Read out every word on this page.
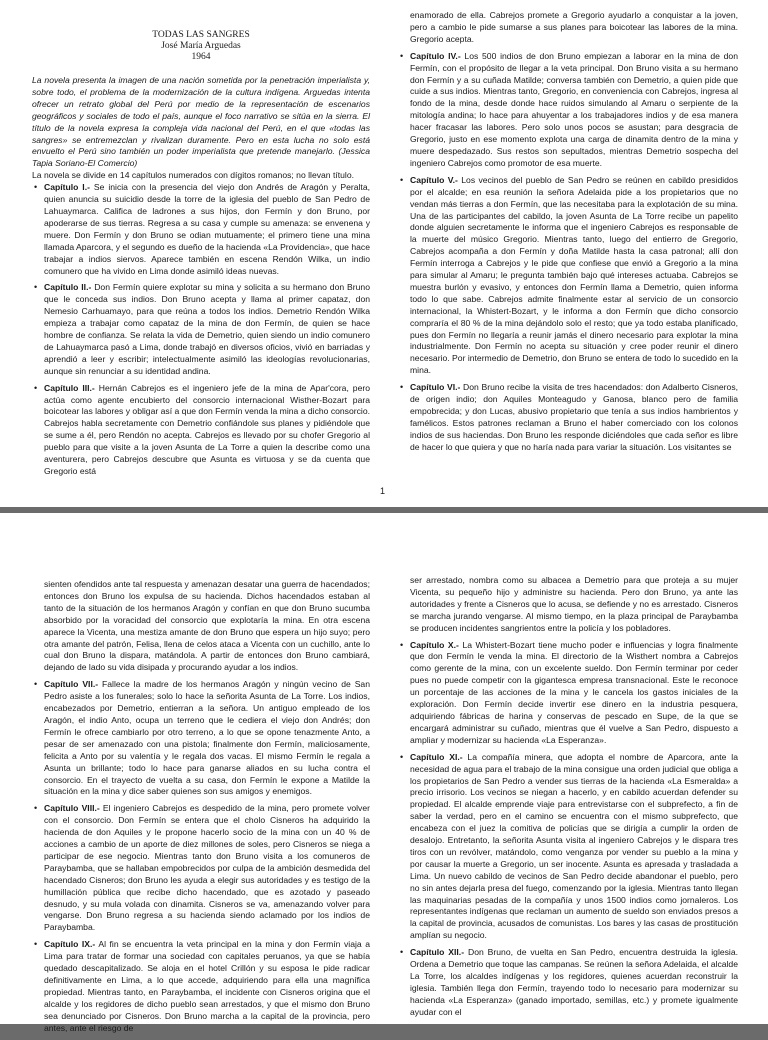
TODAS LAS SANGRES
José María Arguedas
1964

La novela presenta la imagen de una nación sometida por la penetración imperialista y, sobre todo, el problema de la modernización de la cultura indígena. Arguedas intenta ofrecer un retrato global del Perú por medio de la representación de escenarios geográficos y sociales de todo el país, aunque el foco narrativo se sitúa en la sierra. El título de la novela expresa la compleja vida nacional del Perú, en el que «todas las sangres» se entremezclan y rivalizan duramente. Pero en esta lucha no solo está envuelto el Perú sino también un poder imperialista que pretende manejarlo. (Jessica Tapia Soriano-El Comercio)

La novela se divide en 14 capítulos numerados con dígitos romanos; no llevan título.

• Capítulo I.- Se inicia con la presencia del viejo don Andrés de Aragón y Peralta, quien anuncia su suicidio desde la torre de la iglesia del pueblo de San Pedro de Lahuaymarca. Califica de ladrones a sus hijos, don Fermín y don Bruno, por apoderarse de sus tierras. Regresa a su casa y cumple su amenaza: se envenena y muere. Don Fermín y don Bruno se odian mutuamente; el primero tiene una mina llamada Aparcora, y el segundo es dueño de la hacienda «La Providencia», que hace trabajar a indios siervos. Aparece también en escena Rendón Wilka, un indio comunero que ha vivido en Lima donde asimiló ideas nuevas.
• Capítulo II.- Don Fermín quiere explotar su mina y solicita a su hermano don Bruno que le conceda sus indios. Don Bruno acepta y llama al primer capataz, don Nemesio Carhuamayo, para que reúna a todos los indios. Demetrio Rendón Wilka empieza a trabajar como capataz de la mina de don Fermín, de quien se hace hombre de confianza. Se relata la vida de Demetrio, quien siendo un indio comunero de Lahuaymarca pasó a Lima, donde trabajó en diversos oficios, vivió en barriadas y aprendió a leer y escribir; intelectualmente asimiló las ideologías revolucionarias, aunque sin renunciar a su identidad andina.
• Capítulo III.- Hernán Cabrejos es el ingeniero jefe de la mina de Apar'cora, pero actúa como agente encubierto del consorcio internacional Wisther-Bozart para boicotear las labores y obligar así a que don Fermín venda la mina a dicho consorcio. Cabrejos habla secretamente con Demetrio confiándole sus planes y pidiéndole que se sume a él, pero Rendón no acepta. Cabrejos es llevado por su chofer Gregorio al pueblo para que visite a la joven Asunta de La Torre a quien la describe como una aventurera, pero Cabrejos descubre que Asunta es virtuosa y se da cuenta que Gregorio está

enamorado de ella. Cabrejos promete a Gregorio ayudarlo a conquistar a la joven, pero a cambio le pide sumarse a sus planes para boicotear las labores de la mina. Gregorio acepta.

• Capítulo IV.- Los 500 indios de don Bruno empiezan a laborar en la mina de don Fermín, con el propósito de llegar a la veta principal. Don Bruno visita a su hermano don Fermín y a su cuñada Matilde; conversa también con Demetrio, a quien pide que cuide a sus indios. Mientras tanto, Gregorio, en conveniencia con Cabrejos, ingresa al fondo de la mina, desde donde hace ruidos simulando al Amaru o serpiente de la mitología andina; lo hace para ahuyentar a los trabajadores indios y de esa manera hacer fracasar las labores. Pero solo unos pocos se asustan; para desgracia de Gregorio, justo en ese momento explota una carga de dinamita dentro de la mina y muere despedazado. Sus restos son sepultados, mientras Demetrio sospecha del ingeniero Cabrejos como promotor de esa muerte.
• Capítulo V.- Los vecinos del pueblo de San Pedro se reúnen en cabildo presididos por el alcalde; en esa reunión la señora Adelaida pide a los propietarios que no vendan más tierras a don Fermín, que las necesitaba para la explotación de su mina. Una de las participantes del cabildo, la joven Asunta de La Torre recibe un papelito donde alguien secretamente le informa que el ingeniero Cabrejos es responsable de la muerte del músico Gregorio. Mientras tanto, luego del entierro de Gregorio, Cabrejos acompaña a don Fermín y doña Matilde hasta la casa patronal; allí don Fermín interroga a Cabrejos y le pide que confiese que envió a Gregorio a la mina para simular al Amaru; le pregunta también bajo qué intereses actuaba. Cabrejos se muestra burlón y evasivo, y entonces don Fermín llama a Demetrio, quien informa todo lo que sabe. Cabrejos admite finalmente estar al servicio de un consorcio internacional, la Whistert-Bozart, y le informa a don Fermín que dicho consorcio compraría el 80 % de la mina dejándolo solo el resto; que ya todo estaba planificado, pues don Fermín no llegaría a reunir jamás el dinero necesario para explotar la mina industrialmente. Don Fermín no acepta su situación y cree poder reunir el dinero necesario. Por intermedio de Demetrio, don Bruno se entera de todo lo sucedido en la mina.
• Capítulo VI.- Don Bruno recibe la visita de tres hacendados: don Adalberto Cisneros, de origen indio; don Aquiles Monteagudo y Ganosa, blanco pero de familia empobrecida; y don Lucas, abusivo propietario que tenía a sus indios hambrientos y famélicos. Estos patrones reclaman a Bruno el haber comerciado con los colonos indios de sus haciendas. Don Bruno les responde diciéndoles que cada señor es libre de hacer lo que quiera y que no haría nada para variar la situación. Los visitantes se
1

sienten ofendidos ante tal respuesta y amenazan desatar una guerra de hacendados; entonces don Bruno los expulsa de su hacienda. Dichos hacendados estaban al tanto de la situación de los hermanos Aragón y confían en que don Bruno sucumba absorbido por la voracidad del consorcio que explotaría la mina. En otra escena aparece la Vicenta, una mestiza amante de don Bruno que espera un hijo suyo; pero otra amante del patrón, Felisa, llena de celos ataca a Vicenta con un cuchillo, ante lo cual don Bruno la dispara, matándola. A partir de entonces don Bruno cambiará, dejando de lado su vida disipada y procurando ayudar a los indios.

• Capítulo VII.- Fallece la madre de los hermanos Aragón y ningún vecino de San Pedro asiste a los funerales; solo lo hace la señorita Asunta de La Torre. Los indios, encabezados por Demetrio, entierran a la señora. Un antiguo empleado de los Aragón, el indio Anto, ocupa un terreno que le cediera el viejo don Andrés; don Fermín le ofrece cambiarlo por otro terreno, a lo que se opone tenazmente Anto, a pesar de ser amenazado con una pistola; finalmente don Fermín, maliciosamente, felicita a Anto por su valentía y le regala dos vacas. El mismo Fermín le regala a Asunta un brillante; todo lo hace para ganarse aliados en su lucha contra el consorcio. En el trayecto de vuelta a su casa, don Fermín le expone a Matilde la situación en la mina y dice saber quienes son sus amigos y enemigos.
• Capítulo VIII.- El ingeniero Cabrejos es despedido de la mina, pero promete volver con el consorcio. Don Fermín se entera que el cholo Cisneros ha adquirido la hacienda de don Aquiles y le propone hacerlo socio de la mina con un 40 % de acciones a cambio de un aporte de diez millones de soles, pero Cisneros se niega a participar de ese negocio. Mientras tanto don Bruno visita a los comuneros de Paraybamba, que se hallaban empobrecidos por culpa de la ambición desmedida del hacendado Cisneros; don Bruno les ayuda a elegir sus autoridades y es testigo de la humillación pública que recibe dicho hacendado, que es azotado y paseado desnudo, y su mula volada con dinamita. Cisneros se va, amenazando volver para vengarse. Don Bruno regresa a su hacienda siendo aclamado por los indios de Paraybamba.
• Capítulo IX.- Al fin se encuentra la veta principal en la mina y don Fermín viaja a Lima para tratar de formar una sociedad con capitales peruanos, ya que se había quedado descapitalizado. Se aloja en el hotel Crillón y su esposa le pide radicar definitivamente en Lima, a lo que accede, adquiriendo para ella una magnífica propiedad. Mientras tanto, en Paraybamba, el incidente con Cisneros origina que el alcalde y los regidores de dicho pueblo sean arrestados, y que el mismo don Bruno sea denunciado por Cisneros. Don Bruno marcha a la capital de la provincia, pero antes, ante el riesgo de

ser arrestado, nombra como su albacea a Demetrio para que proteja a su mujer Vicenta, su pequeño hijo y administre su hacienda. Pero don Bruno, ya ante las autoridades y frente a Cisneros que lo acusa, se defiende y no es arrestado. Cisneros se marcha jurando vengarse. Al mismo tiempo, en la plaza principal de Paraybamba se producen incidentes sangrientos entre la policía y los pobladores.

• Capítulo X.- La Whistert-Bozart tiene mucho poder e influencias y logra finalmente que don Fermín le venda la mina. El directorio de la Wisthert nombra a Cabrejos como gerente de la mina, con un excelente sueldo. Don Fermín terminar por ceder pues no puede competir con la gigantesca empresa transnacional. Este le reconoce un porcentaje de las acciones de la mina y le cancela los gastos iniciales de la exploración. Don Fermín decide invertir ese dinero en la industria pesquera, adquiriendo fábricas de harina y conservas de pescado en Supe, de la que se encargará administrar su cuñado, mientras que él vuelve a San Pedro, dispuesto a ampliar y modernizar su hacienda «La Esperanza».
• Capítulo XI.- La compañía minera, que adopta el nombre de Aparcora, ante la necesidad de agua para el trabajo de la mina consigue una orden judicial que obliga a los propietarios de San Pedro a vender sus tierras de la hacienda «La Esmeralda» a precio irrisorio. Los vecinos se niegan a hacerlo, y en cabildo acuerdan defender su propiedad. El alcalde emprende viaje para entrevistarse con el subprefecto, a fin de saber la verdad, pero en el camino se encuentra con el mismo subprefecto, que encabeza con el juez la comitiva de policías que se dirigía a cumplir la orden de desalojo. Entretanto, la señorita Asunta visita al ingeniero Cabrejos y le dispara tres tiros con un revólver, matándolo, como venganza por vender su pueblo a la mina y por causar la muerte a Gregorio, un ser inocente. Asunta es apresada y trasladada a Lima. Un nuevo cabildo de vecinos de San Pedro decide abandonar el pueblo, pero no sin antes dejarla presa del fuego, comenzando por la iglesia. Mientras tanto llegan las maquinarias pesadas de la compañía y unos 1500 indios como jornaleros. Los representantes indígenas que reclaman un aumento de sueldo son enviados presos a la capital de provincia, acusados de comunistas. Los bares y las casas de prostitución amplían su negocio.
• Capítulo XII.- Don Bruno, de vuelta en San Pedro, encuentra destruida la iglesia. Ordena a Demetrio que toque las campanas. Se reúnen la señora Adelaida, el alcalde La Torre, los alcaldes indígenas y los regidores, quienes acuerdan reconstruir la iglesia. También llega don Fermín, trayendo todo lo necesario para modernizar su hacienda «La Esperanza» (ganado importado, semillas, etc.) y promete igualmente ayudar con el
